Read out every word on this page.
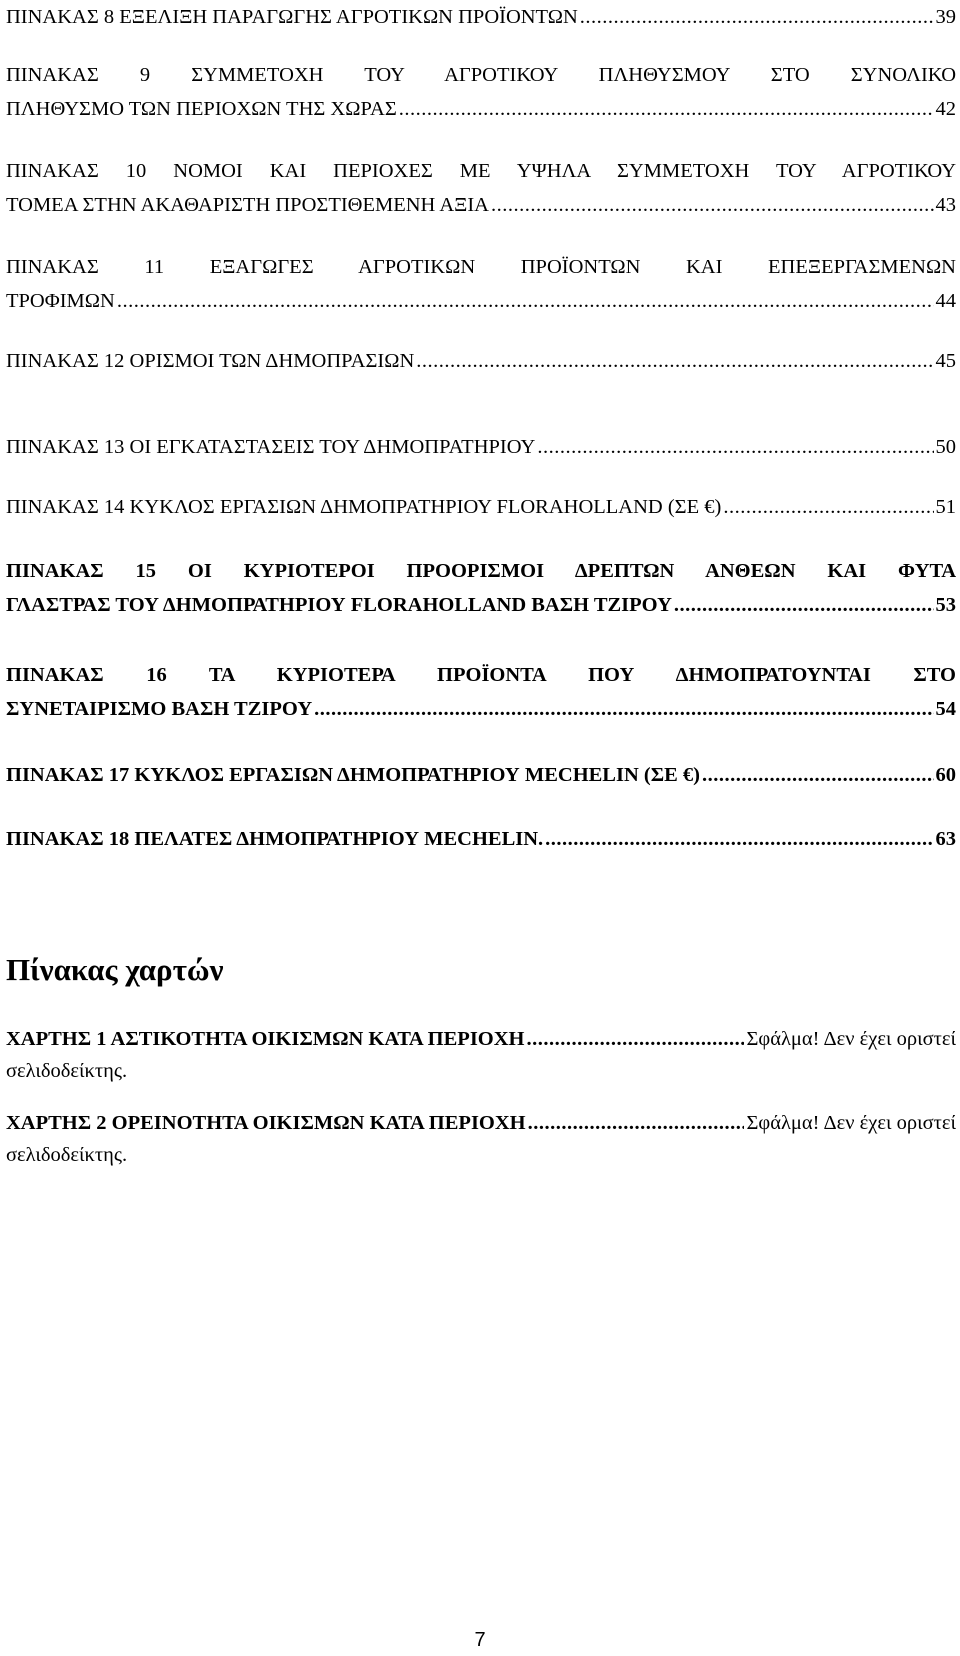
ΠΙΝΑΚΑΣ 8 ΕΞΕΛΙΞΗ ΠΑΡΑΓΩΓΗΣ ΑΓΡΟΤΙΚΩΝ ΠΡΟΪΟΝΤΩΝ .....	39
ΠΙΝΑΚΑΣ 9 ΣΥΜΜΕΤΟΧΗ ΤΟΥ ΑΓΡΟΤΙΚΟΥ ΠΛΗΘΥΣΜΟΥ ΣΤΟ ΣΥΝΟΛΙΚΟ
ΠΛΗΘΥΣΜΟ ΤΩΝ ΠΕΡΙΟΧΩΝ ΤΗΣ ΧΩΡΑΣ .....	42
ΠΙΝΑΚΑΣ 10 ΝΟΜΟΙ ΚΑΙ ΠΕΡΙΟΧΕΣ ΜΕ ΥΨΗΛΑ ΣΥΜΜΕΤΟΧΗ ΤΟΥ ΑΓΡΟΤΙΚΟΥ
ΤΟΜΕΑ ΣΤΗΝ ΑΚΑΘΑΡΙΣΤΗ ΠΡΟΣΤΙΘΕΜΕΝΗ ΑΞΙΑ .....	43
ΠΙΝΑΚΑΣ 11 ΕΞΑΓΩΓΕΣ ΑΓΡΟΤΙΚΩΝ ΠΡΟΪΟΝΤΩΝ ΚΑΙ ΕΠΕΞΕΡΓΑΣΜΕΝΩΝ
ΤΡΟΦΙΜΩΝ .....	44
ΠΙΝΑΚΑΣ 12 ΟΡΙΣΜΟΙ ΤΩΝ ΔΗΜΟΠΡΑΣΙΩΝ .....	45
ΠΙΝΑΚΑΣ 13 ΟΙ ΕΓΚΑΤΑΣΤΑΣΕΙΣ ΤΟΥ ΔΗΜΟΠΡΑΤΗΡΙΟΥ .....	50
ΠΙΝΑΚΑΣ 14 ΚΥΚΛΟΣ ΕΡΓΑΣΙΩΝ ΔΗΜΟΠΡΑΤΗΡΙΟΥ FLORAHOLLAND (ΣΕ €) .....	51
ΠΙΝΑΚΑΣ 15 ΟΙ ΚΥΡΙΟΤΕΡΟΙ ΠΡΟΟΡΙΣΜΟΙ ΔΡΕΠΤΩΝ ΑΝΘΕΩΝ ΚΑΙ ΦΥΤΑ
ΓΛΑΣΤΡΑΣ ΤΟΥ ΔΗΜΟΠΡΑΤΗΡΙΟΥ FLORAHOLLAND ΒΑΣΗ ΤΖΙΡΟΥ .....	53
ΠΙΝΑΚΑΣ 16 ΤΑ ΚΥΡΙΟΤΕΡΑ ΠΡΟΪΟΝΤΑ ΠΟΥ ΔΗΜΟΠΡΑΤΟΥΝΤΑΙ ΣΤΟ
ΣΥΝΕΤΑΙΡΙΣΜΟ ΒΑΣΗ ΤΖΙΡΟΥ .....	54
ΠΙΝΑΚΑΣ 17 ΚΥΚΛΟΣ ΕΡΓΑΣΙΩΝ ΔΗΜΟΠΡΑΤΗΡΙΟΥ MECHELIN (ΣΕ €) .....	60
ΠΙΝΑΚΑΣ 18 ΠΕΛΑΤΕΣ ΔΗΜΟΠΡΑΤΗΡΙΟΥ MECHELIN. .....	63
Πίνακας χαρτών
ΧΑΡΤΗΣ 1 ΑΣΤΙΚΟΤΗΤΑ ΟΙΚΙΣΜΩΝ ΚΑΤΑ ΠΕΡΙΟΧΗ .....	Σφάλμα! Δεν έχει οριστεί
σελιδοδείκτης.
ΧΑΡΤΗΣ 2 ΟΡΕΙΝΟΤΗΤΑ ΟΙΚΙΣΜΩΝ ΚΑΤΑ ΠΕΡΙΟΧΗ .....	Σφάλμα! Δεν έχει οριστεί
σελιδοδείκτης.
7
